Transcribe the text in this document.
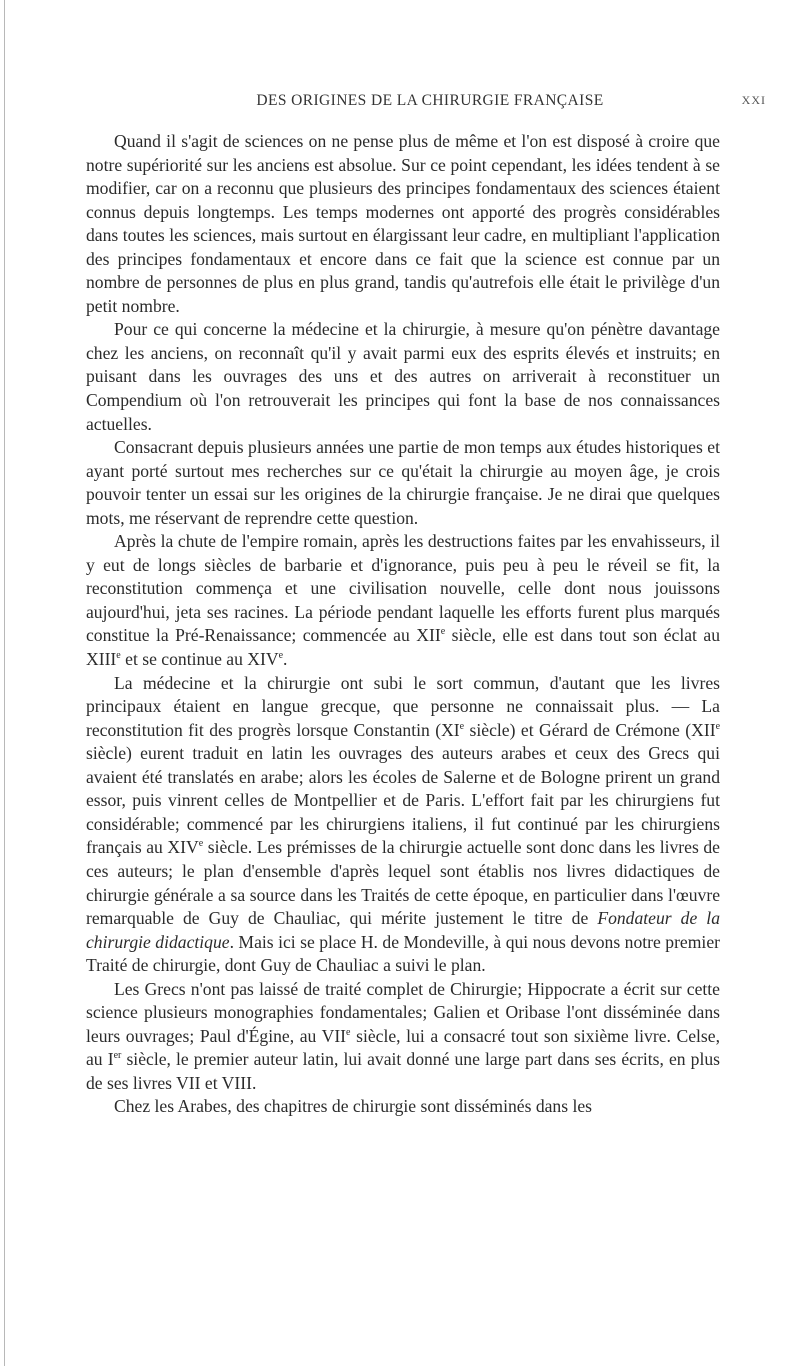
DES ORIGINES DE LA CHIRURGIE FRANÇAISE	XXI

Quand il s'agit de sciences on ne pense plus de même et l'on est disposé à croire que notre supériorité sur les anciens est absolue. Sur ce point cependant, les idées tendent à se modifier, car on a reconnu que plusieurs des principes fondamentaux des sciences étaient connus depuis longtemps. Les temps modernes ont apporté des progrès considérables dans toutes les sciences, mais surtout en élargissant leur cadre, en multipliant l'application des principes fondamentaux et encore dans ce fait que la science est connue par un nombre de personnes de plus en plus grand, tandis qu'autrefois elle était le privilège d'un petit nombre.

Pour ce qui concerne la médecine et la chirurgie, à mesure qu'on pénètre davantage chez les anciens, on reconnaît qu'il y avait parmi eux des esprits élevés et instruits; en puisant dans les ouvrages des uns et des autres on arriverait à reconstituer un Compendium où l'on retrouverait les principes qui font la base de nos connaissances actuelles.

Consacrant depuis plusieurs années une partie de mon temps aux études historiques et ayant porté surtout mes recherches sur ce qu'était la chirurgie au moyen âge, je crois pouvoir tenter un essai sur les origines de la chirurgie française. Je ne dirai que quelques mots, me réservant de reprendre cette question.

Après la chute de l'empire romain, après les destructions faites par les envahisseurs, il y eut de longs siècles de barbarie et d'ignorance, puis peu à peu le réveil se fit, la reconstitution commença et une civilisation nouvelle, celle dont nous jouissons aujourd'hui, jeta ses racines. La période pendant laquelle les efforts furent plus marqués constitue la Pré-Renaissance; commencée au XIIe siècle, elle est dans tout son éclat au XIIIe et se continue au XIVe.

La médecine et la chirurgie ont subi le sort commun, d'autant que les livres principaux étaient en langue grecque, que personne ne connaissait plus. — La reconstitution fit des progrès lorsque Constantin (XIe siècle) et Gérard de Crémone (XIIe siècle) eurent traduit en latin les ouvrages des auteurs arabes et ceux des Grecs qui avaient été translatés en arabe; alors les écoles de Salerne et de Bologne prirent un grand essor, puis vinrent celles de Montpellier et de Paris. L'effort fait par les chirurgiens fut considérable; commencé par les chirurgiens italiens, il fut continué par les chirurgiens français au XIVe siècle. Les prémisses de la chirurgie actuelle sont donc dans les livres de ces auteurs; le plan d'ensemble d'après lequel sont établis nos livres didactiques de chirurgie générale a sa source dans les Traités de cette époque, en particulier dans l'œuvre remarquable de Guy de Chauliac, qui mérite justement le titre de Fondateur de la chirurgie didactique. Mais ici se place H. de Mondeville, à qui nous devons notre premier Traité de chirurgie, dont Guy de Chauliac a suivi le plan.

Les Grecs n'ont pas laissé de traité complet de Chirurgie; Hippocrate a écrit sur cette science plusieurs monographies fondamentales; Galien et Oribase l'ont disséminée dans leurs ouvrages; Paul d'Égine, au VIIe siècle, lui a consacré tout son sixième livre. Celse, au Ier siècle, le premier auteur latin, lui avait donné une large part dans ses écrits, en plus de ses livres VII et VIII.

Chez les Arabes, des chapitres de chirurgie sont disséminés dans les
